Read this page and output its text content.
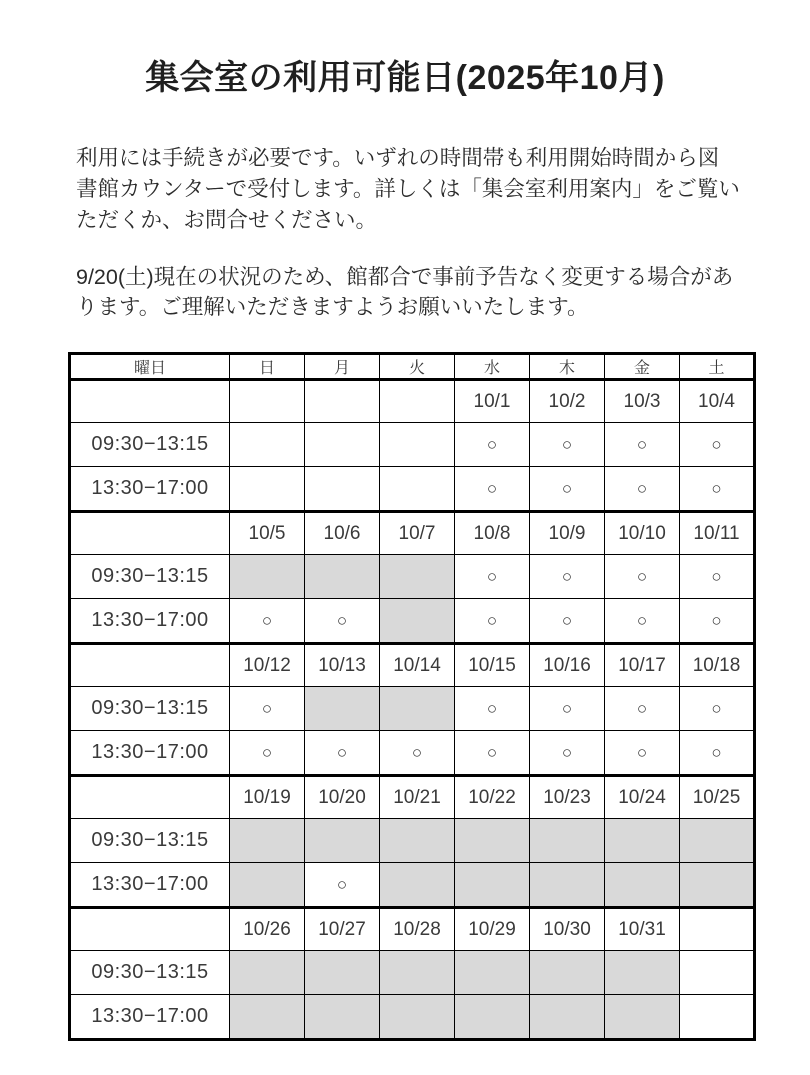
集会室の利用可能日(2025年10月)

利用には手続きが必要です。いずれの時間帯も利用開始時間から図書館カウンターで受付します。詳しくは「集会室利用案内」をご覧いただくか、お問合せください。

9/20(土)現在の状況のため、館都合で事前予告なく変更する場合があります。ご理解いただきますようお願いいたします。

曜日	日	月	火	水	木	金	土
				10/1	10/2	10/3	10/4
09:30−13:15				○	○	○	○
13:30−17:00				○	○	○	○
	10/5	10/6	10/7	10/8	10/9	10/10	10/11
09:30−13:15				○	○	○	○
13:30−17:00	○	○		○	○	○	○
	10/12	10/13	10/14	10/15	10/16	10/17	10/18
09:30−13:15	○			○	○	○	○
13:30−17:00	○	○	○	○	○	○	○
	10/19	10/20	10/21	10/22	10/23	10/24	10/25
09:30−13:15							
13:30−17:00		○					
	10/26	10/27	10/28	10/29	10/30	10/31	
09:30−13:15							
13:30−17:00							
